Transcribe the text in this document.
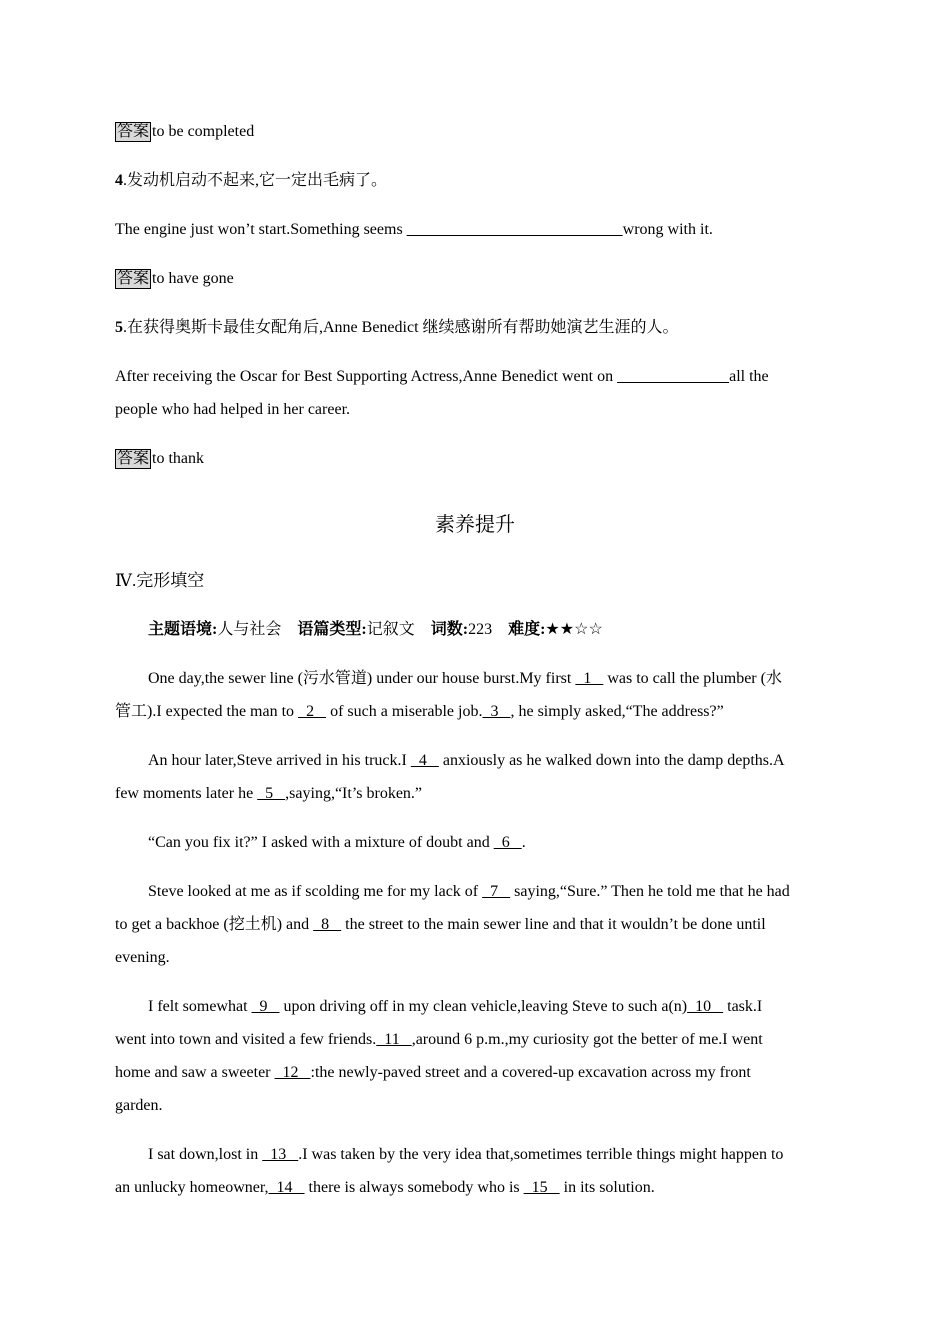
答案 to be completed
4.发动机启动不起来,它一定出毛病了。
The engine just won’t start.Something seems	wrong with it.
答案 to have gone
5.在获得奥斯卡最佳女配角后,Anne Benedict 继续感谢所有帮助她演艺生涯的人。
After receiving the Oscar for Best Supporting Actress,Anne Benedict went on	all the
people who had helped in her career.
答案 to thank
素养提升
Ⅳ.完形填空
主题语境:人与社会 语篇类型:记叙文 词数:223 难度:★★☆☆
One day,the sewer line (污水管道) under our house burst.My first   1    was to call the plumber (水
管工).I expected the man to   2    of such a miserable job.  3   , he simply asked,“The address?”
An hour later,Steve arrived in his truck.I   4    anxiously as he walked down into the damp depths.A
few moments later he   5   ,saying,“It’s broken.”
“Can you fix it?” I asked with a mixture of doubt and   6   .
Steve looked at me as if scolding me for my lack of   7    saying,“Sure.” Then he told me that he had
to get a backhoe (挖土机) and   8    the street to the main sewer line and that it wouldn’t be done until
evening.
I felt somewhat   9    upon driving off in my clean vehicle,leaving Steve to such a(n)  10    task.I
went into town and visited a few friends.  11   ,around 6 p.m.,my curiosity got the better of me.I went
home and saw a sweeter   12   :the newly-paved street and a covered-up excavation across my front
garden.
I sat down,lost in   13   .I was taken by the very idea that,sometimes terrible things might happen to
an unlucky homeowner,  14    there is always somebody who is   15    in its solution.
